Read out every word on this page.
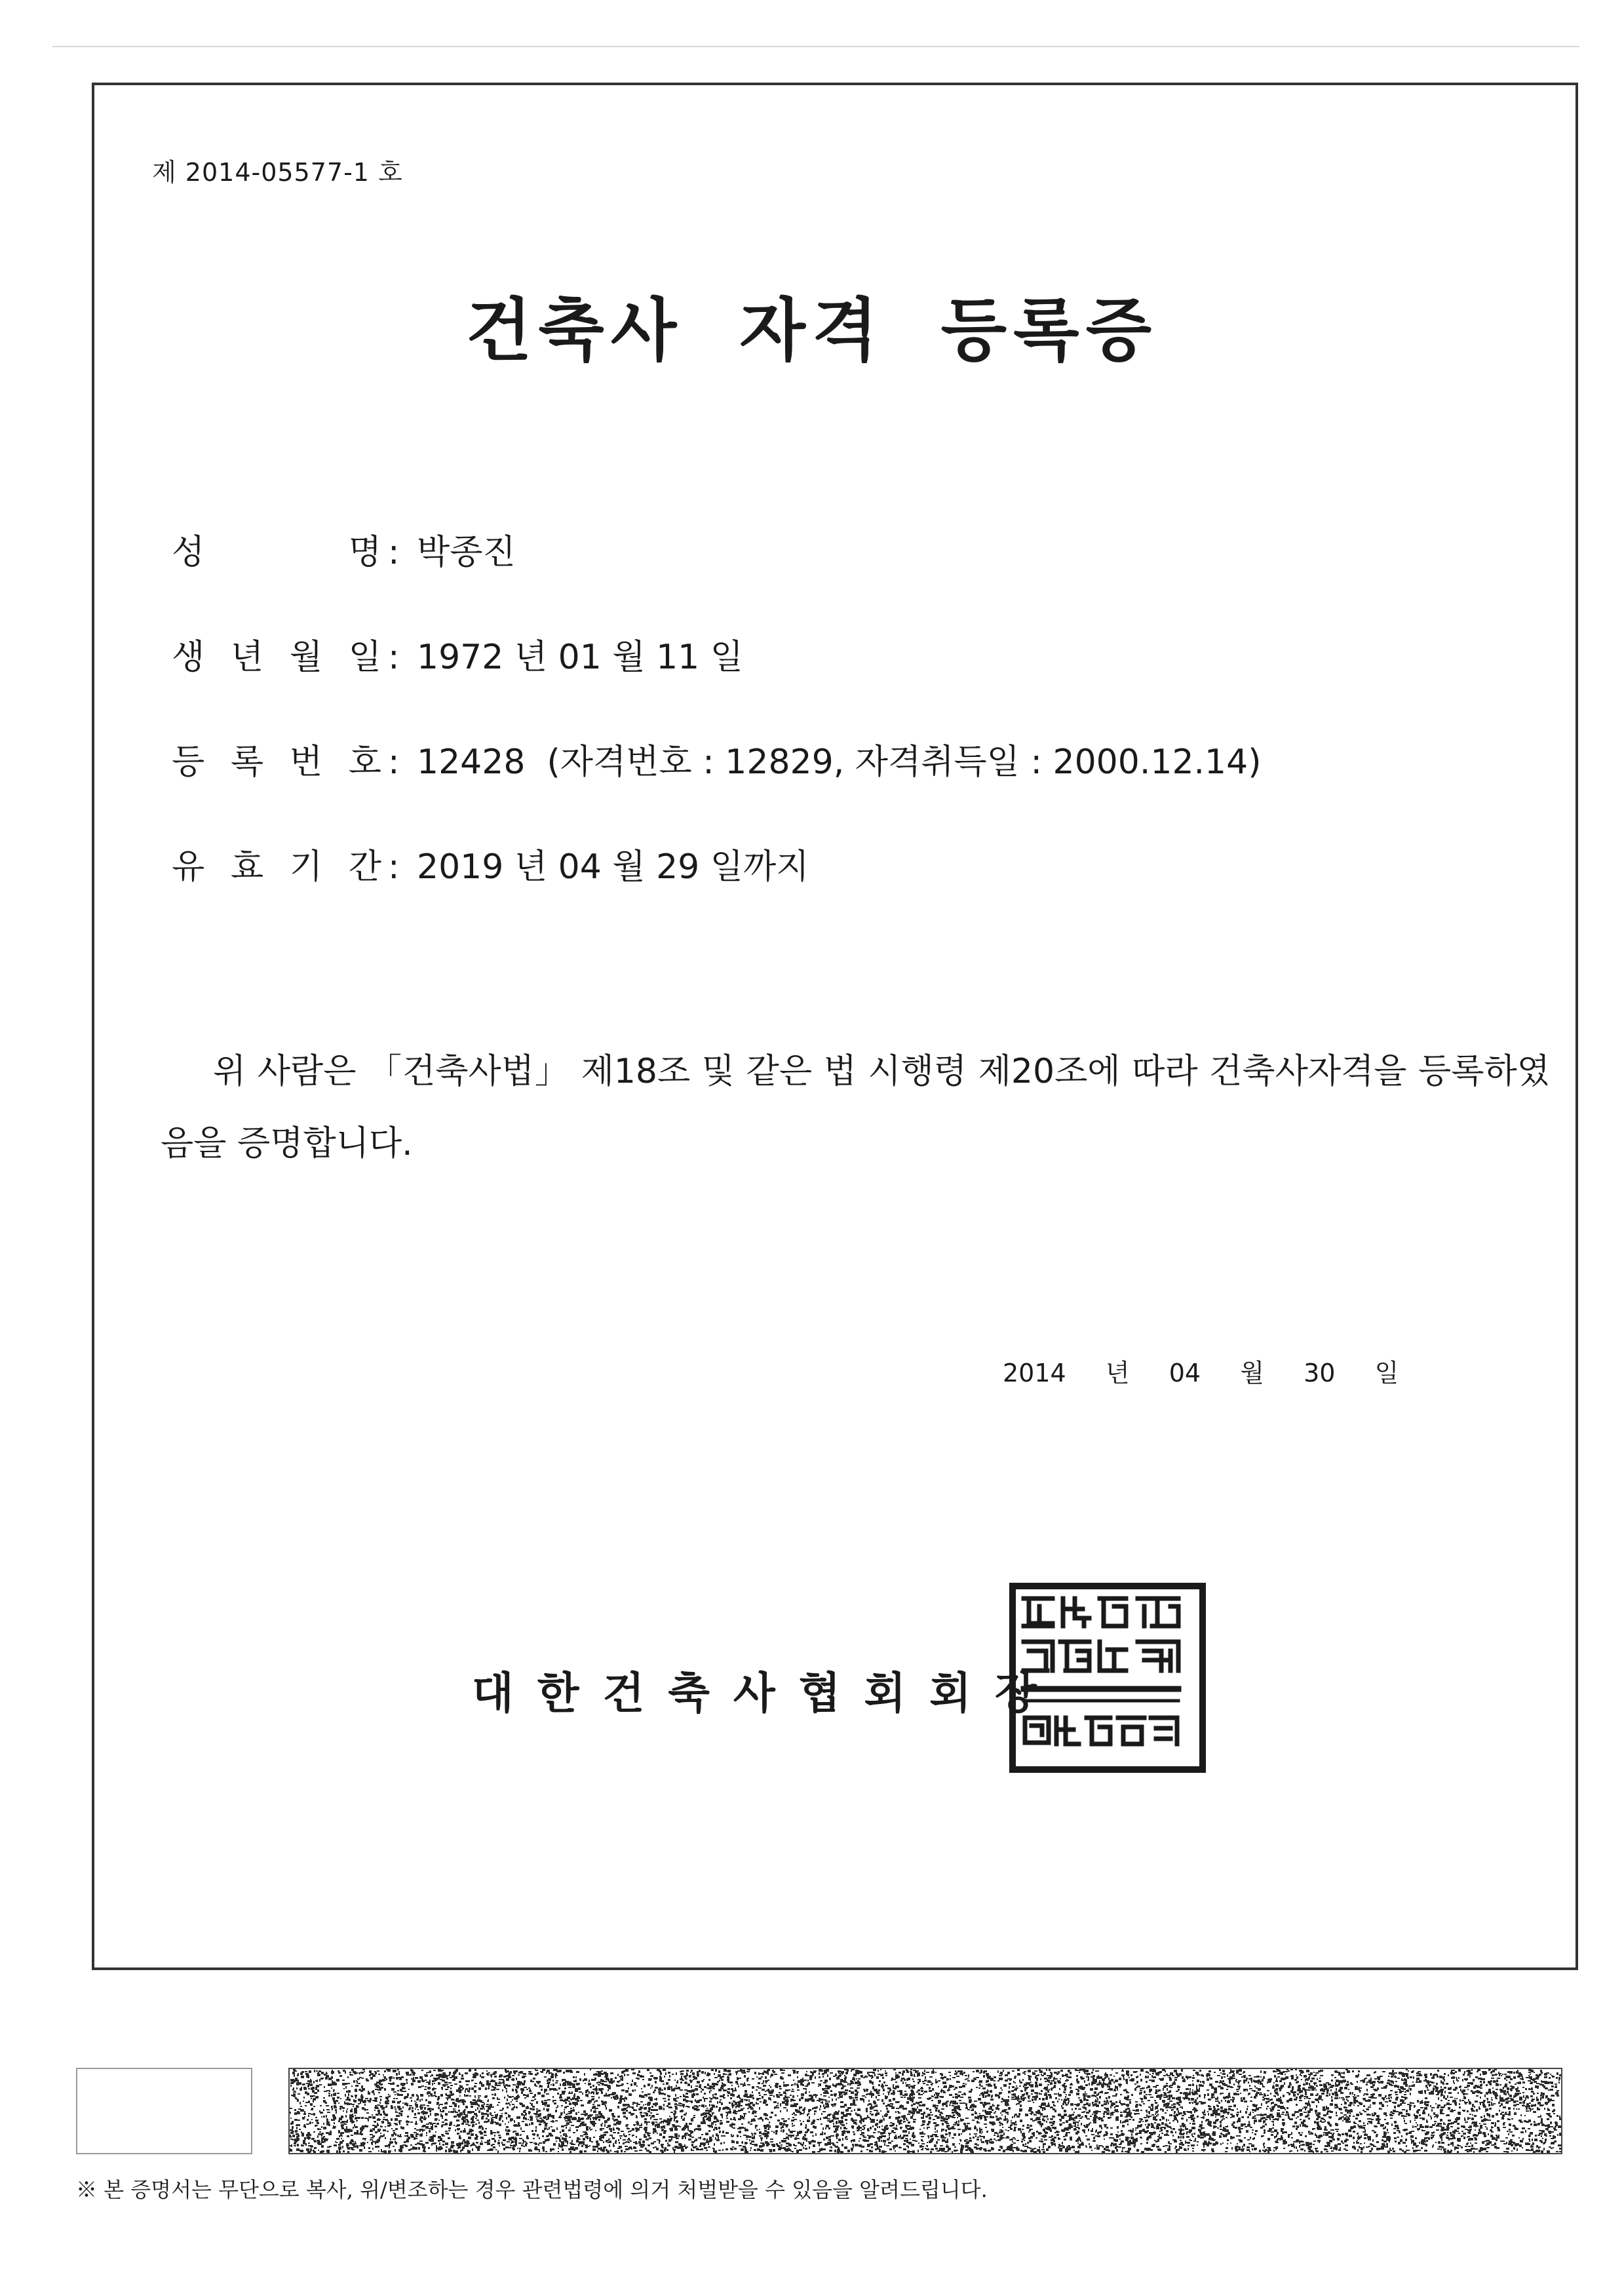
제 2014-05577-1 호
건축사 자격 등록증
성	명 : 박종진
생 년 월 일 : 1972 년 01 월 11 일
등 록 번 호 : 12428  (자격번호 : 12829, 자격취득일 : 2000.12.14)
유 효 기 간 : 2019 년 04 월 29 일까지
위 사람은 「건축사법」 제18조 및 같은 법 시행령 제20조에 따라 건축사자격을 등록하였음을 증명합니다.
2014  년  04  월  30  일
대한건축사협회회장
※ 본 증명서는 무단으로 복사, 위/변조하는 경우 관련법령에 의거 처벌받을 수 있음을 알려드립니다.
